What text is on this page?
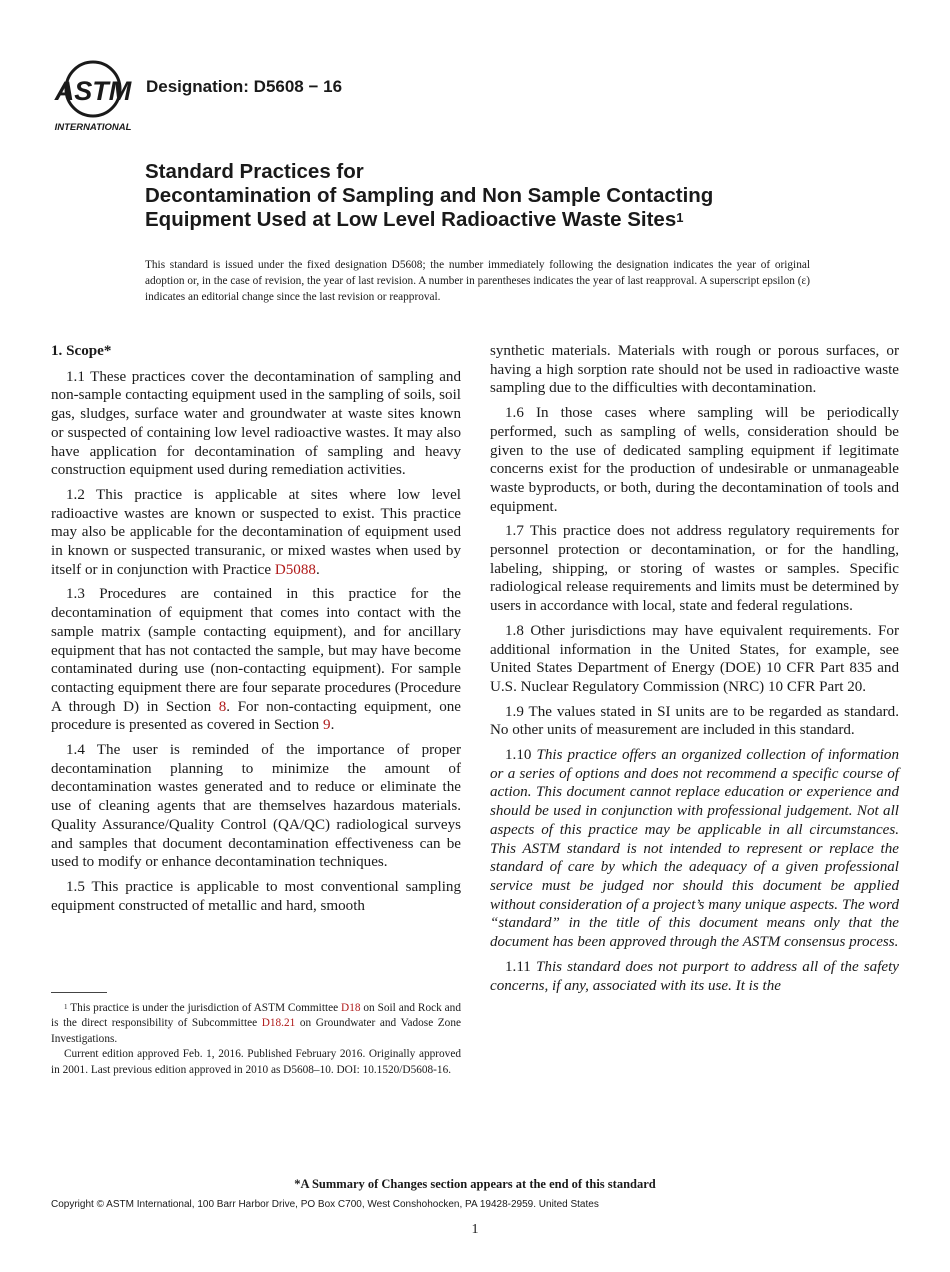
ASTM
INTERNATIONAL
Designation: D5608 − 16
Standard Practices for
Decontamination of Sampling and Non Sample Contacting
Equipment Used at Low Level Radioactive Waste Sites$^1$
This standard is issued under the fixed designation D5608; the number immediately following the designation indicates the year of original adoption or, in the case of revision, the year of last revision. A number in parentheses indicates the year of last reapproval. A superscript epsilon (ε) indicates an editorial change since the last revision or reapproval.
1. Scope*

1.1 These practices cover the decontamination of sampling and non-sample contacting equipment used in the sampling of soils, soil gas, sludges, surface water and groundwater at waste sites known or suspected of containing low level radioactive wastes. It may also have application for decontamination of sampling and heavy construction equipment used during remediation activities.

1.2 This practice is applicable at sites where low level radioactive wastes are known or suspected to exist. This practice may also be applicable for the decontamination of equipment used in known or suspected transuranic, or mixed wastes when used by itself or in conjunction with Practice D5088.

1.3 Procedures are contained in this practice for the decontamination of equipment that comes into contact with the sample matrix (sample contacting equipment), and for ancillary equipment that has not contacted the sample, but may have become contaminated during use (non-contacting equipment). For sample contacting equipment there are four separate procedures (Procedure A through D) in Section 8. For non-contacting equipment, one procedure is presented as covered in Section 9.

1.4 The user is reminded of the importance of proper decontamination planning to minimize the amount of decontamination wastes generated and to reduce or eliminate the use of cleaning agents that are themselves hazardous materials. Quality Assurance/Quality Control (QA/QC) radiological surveys and samples that document decontamination effectiveness can be used to modify or enhance decontamination techniques.

1.5 This practice is applicable to most conventional sampling equipment constructed of metallic and hard, smooth

synthetic materials. Materials with rough or porous surfaces, or having a high sorption rate should not be used in radioactive waste sampling due to the difficulties with decontamination.

1.6 In those cases where sampling will be periodically performed, such as sampling of wells, consideration should be given to the use of dedicated sampling equipment if legitimate concerns exist for the production of undesirable or unmanageable waste byproducts, or both, during the decontamination of tools and equipment.

1.7 This practice does not address regulatory requirements for personnel protection or decontamination, or for the handling, labeling, shipping, or storing of wastes or samples. Specific radiological release requirements and limits must be determined by users in accordance with local, state and federal regulations.

1.8 Other jurisdictions may have equivalent requirements. For additional information in the United States, for example, see United States Department of Energy (DOE) 10 CFR Part 835 and U.S. Nuclear Regulatory Commission (NRC) 10 CFR Part 20.

1.9 The values stated in SI units are to be regarded as standard. No other units of measurement are included in this standard.

1.10 This practice offers an organized collection of information or a series of options and does not recommend a specific course of action. This document cannot replace education or experience and should be used in conjunction with professional judgement. Not all aspects of this practice may be applicable in all circumstances. This ASTM standard is not intended to represent or replace the standard of care by which the adequacy of a given professional service must be judged nor should this document be applied without consideration of a project’s many unique aspects. The word “standard” in the title of this document means only that the document has been approved through the ASTM consensus process.

1.11 This standard does not purport to address all of the safety concerns, if any, associated with its use. It is the

$^1$ This practice is under the jurisdiction of ASTM Committee D18 on Soil and Rock and is the direct responsibility of Subcommittee D18.21 on Groundwater and Vadose Zone Investigations.

Current edition approved Feb. 1, 2016. Published February 2016. Originally approved in 2001. Last previous edition approved in 2010 as D5608–10. DOI: 10.1520/D5608-16.

*A Summary of Changes section appears at the end of this standard
Copyright © ASTM International, 100 Barr Harbor Drive, PO Box C700, West Conshohocken, PA 19428-2959. United States
1
